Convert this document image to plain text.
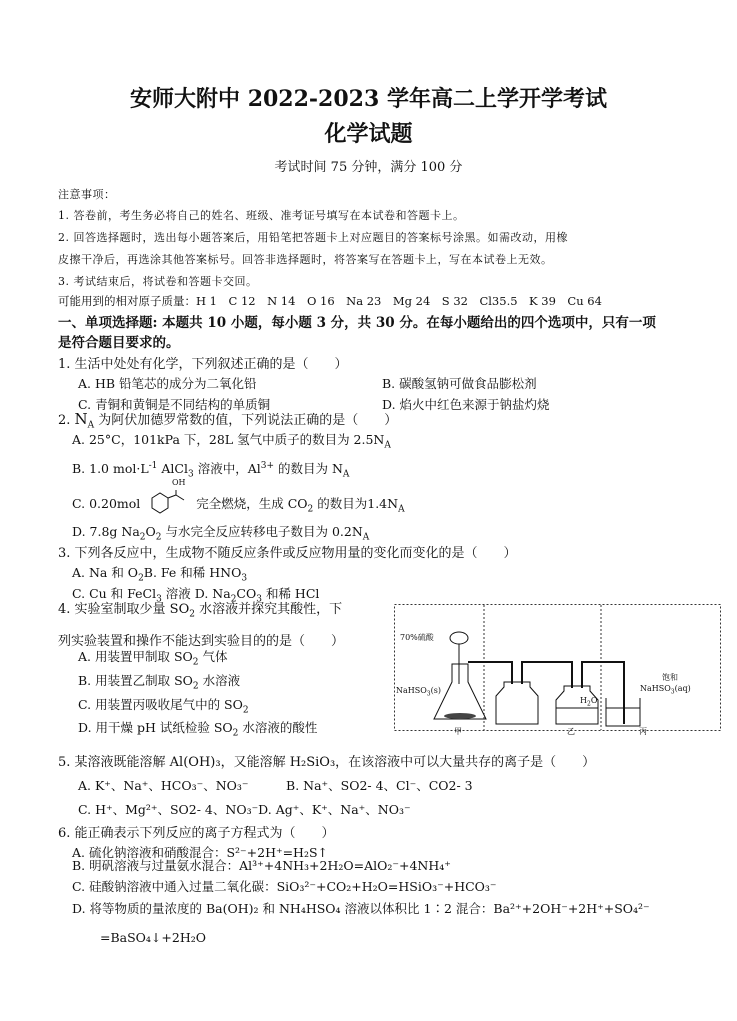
安师大附中 2022-2023 学年高二上学开学考试
化学试题
考试时间 75 分钟，满分 100 分
注意事项：
1. 答卷前，考生务必将自己的姓名、班级、准考证号填写在本试卷和答题卡上。
2. 回答选择题时，选出每小题答案后，用铅笔把答题卡上对应题目的答案标号涂黑。如需改动，用橡
皮擦干净后，再选涂其他答案标号。回答非选择题时，将答案写在答题卡上，写在本试卷上无效。
3. 考试结束后，将试卷和答题卡交回。
可能用到的相对原子质量：H 1　C 12　N 14　O 16　Na 23　Mg 24　S 32　Cl35.5　K 39　Cu 64
一、单项选择题: 本题共 10 小题，每小题 3 分，共 30 分。在每小题给出的四个选项中，只有一项
是符合题目要求的。
1. 生活中处处有化学，下列叙述正确的是（　　）
A. HB 铅笔芯的成分为二氧化铅	B. 碳酸氢钠可做食品膨松剂
C. 青铜和黄铜是不同结构的单质铜	D. 焰火中红色来源于钠盐灼烧
2. $N_A$ 为阿伏加德罗常数的值，下列说法正确的是（　　）
A. 25°C，101kPa 下，28L 氢气中质子的数目为 $2.5N_A$
B. 1.0 $mol\cdot L^{-1}$ AlCl$_3$ 溶液中，$Al^{3+}$ 的数目为 $N_A$
C. 0.20mol
OH
完全燃烧，生成 $CO_2$ 的数目为$1.4N_A$
D. 7.8g $Na_2O_2$ 与水完全反应转移电子数目为 $0.2N_A$
3. 下列各反应中，生成物不随反应条件或反应物用量的变化而变化的是（　　）
A. Na 和 $O_2B$. Fe 和稀 $HNO_3$
C. Cu 和 FeCl$_3$ 溶液 D. $Na_2CO_3$ 和稀 HCl
4. 实验室制取少量 $SO_2$ 水溶液并探究其酸性，下
列实验装置和操作不能达到实验目的的是（　　）
A. 用装置甲制取 $SO_2$ 气体
B. 用装置乙制取 $SO_2$ 水溶液
C. 用装置丙吸收尾气中的 $SO_2$
D. 用干燥 pH 试纸检验 $SO_2$ 水溶液的酸性
70%硫酸
NaHSO$_3$(s)
$H_2O$
饱和
NaHSO$_3$(aq)
甲	乙	丙
5. 某溶液既能溶解 Al(OH)₃，又能溶解 H₂SiO₃，在该溶液中可以大量共存的离子是（　　）
A. K⁺、Na⁺、HCO₃⁻、NO₃⁻　　　B. Na⁺、SO2- 4、Cl⁻、CO2- 3
C. H⁺、Mg²⁺、SO2- 4、NO₃⁻D. Ag⁺、K⁺、Na⁺、NO₃⁻
6. 能正确表示下列反应的离子方程式为（　　）
A. 硫化钠溶液和硝酸混合：S²⁻+2H⁺=H₂S↑
B. 明矾溶液与过量氨水混合：Al³⁺+4NH₃+2H₂O=AlO₂⁻+4NH₄⁺
C. 硅酸钠溶液中通入过量二氧化碳：SiO₃²⁻+CO₂+H₂O=HSiO₃⁻+HCO₃⁻
D. 将等物质的量浓度的 Ba(OH)₂ 和 NH₄HSO₄ 溶液以体积比 1∶2 混合：Ba²⁺+2OH⁻+2H⁺+SO₄²⁻
=BaSO₄↓+2H₂O
